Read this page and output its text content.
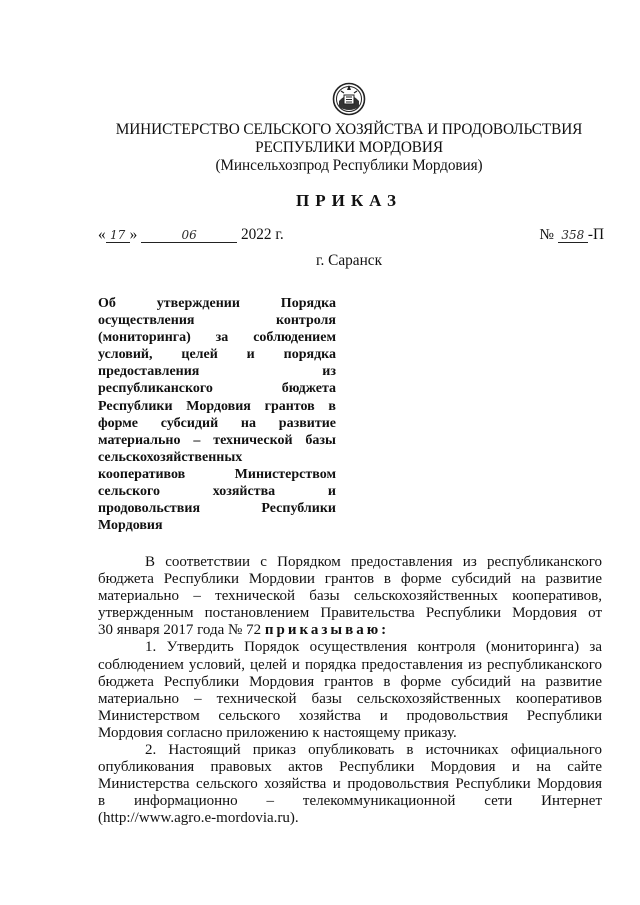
МИНИСТЕРСТВО СЕЛЬСКОГО ХОЗЯЙСТВА И ПРОДОВОЛЬСТВИЯ
РЕСПУБЛИКИ МОРДОВИЯ
(Минсельхозпрод Республики Мордовия)
ПРИКАЗ
« 17 »	06	2022 г.	№ 358 -П
г. Саранск
Об утверждении Порядка
осуществления контроля
(мониторинга) за соблюдением
условий, целей и порядка
предоставления из
республиканского бюджета
Республики Мордовия грантов в
форме субсидий на развитие
материально – технической базы
сельскохозяйственных
кооперативов Министерством
сельского хозяйства и
продовольствия Республики
Мордовия
В соответствии с Порядком предоставления из республиканского
бюджета Республики Мордовии грантов в форме субсидий на развитие
материально – технической базы сельскохозяйственных кооперативов,
утвержденным постановлением Правительства Республики Мордовия от
30 января 2017 года № 72 приказываю:
1. Утвердить Порядок осуществления контроля (мониторинга) за
соблюдением условий, целей и порядка предоставления из республиканского
бюджета Республики Мордовия грантов в форме субсидий на развитие
материально – технической базы сельскохозяйственных кооперативов
Министерством сельского хозяйства и продовольствия Республики
Мордовия согласно приложению к настоящему приказу.
2. Настоящий приказ опубликовать в источниках официального
опубликования правовых актов Республики Мордовия и на сайте
Министерства сельского хозяйства и продовольствия Республики Мордовия
в информационно – телекоммуникационной сети Интернет
(http://www.agro.e-mordovia.ru).
